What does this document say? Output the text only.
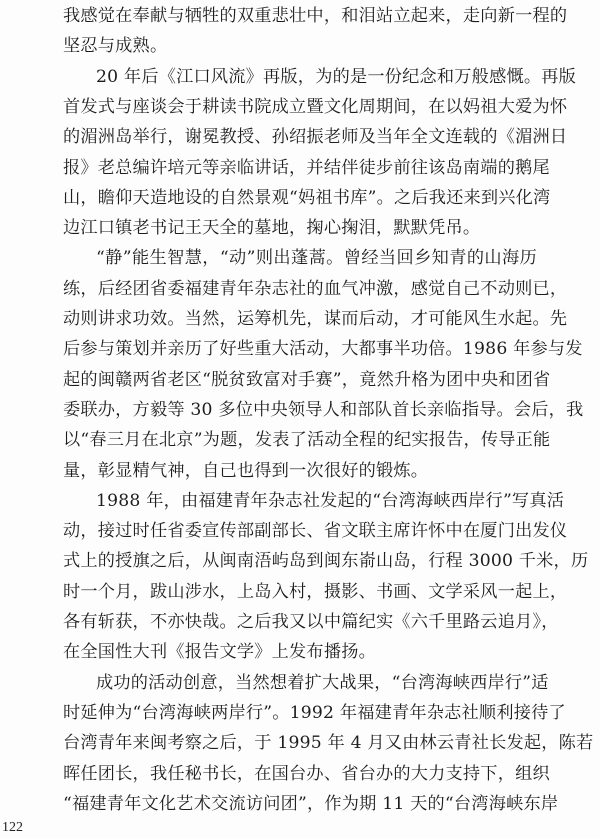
我感觉在奉献与牺牲的双重悲壮中，和泪站立起来，走向新一程的
坚忍与成熟。
20 年后《江口风流》再版，为的是一份纪念和万般感慨。再版
首发式与座谈会于耕读书院成立暨文化周期间，在以妈祖大爱为怀
的湄洲岛举行，谢冕教授、孙绍振老师及当年全文连载的《湄洲日
报》老总编许培元等亲临讲话，并结伴徒步前往该岛南端的鹅尾
山，瞻仰天造地设的自然景观“妈祖书库”。之后我还来到兴化湾
边江口镇老书记王天全的墓地，掬心掬泪，默默凭吊。
“静”能生智慧，“动”则出蓬蒿。曾经当回乡知青的山海历
练，后经团省委福建青年杂志社的血气冲激，感觉自己不动则已，
动则讲求功效。当然，运筹机先，谋而后动，才可能风生水起。先
后参与策划并亲历了好些重大活动，大都事半功倍。1986 年参与发
起的闽赣两省老区“脱贫致富对手赛”，竟然升格为团中央和团省
委联办，方毅等 30 多位中央领导人和部队首长亲临指导。会后，我
以“春三月在北京”为题，发表了活动全程的纪实报告，传导正能
量，彰显精气神，自己也得到一次很好的锻炼。
1988 年，由福建青年杂志社发起的“台湾海峡西岸行”写真活
动，接过时任省委宣传部副部长、省文联主席许怀中在厦门出发仪
式上的授旗之后，从闽南浯屿岛到闽东嵛山岛，行程 3000 千米，历
时一个月，跋山涉水，上岛入村，摄影、书画、文学采风一起上，
各有斩获，不亦快哉。之后我又以中篇纪实《六千里路云追月》，
在全国性大刊《报告文学》上发布播扬。
成功的活动创意，当然想着扩大战果，“台湾海峡西岸行”适
时延伸为“台湾海峡两岸行”。1992 年福建青年杂志社顺利接待了
台湾青年来闽考察之后，于 1995 年 4 月又由林云青社长发起，陈若
晖任团长，我任秘书长，在国台办、省台办的大力支持下，组织
“福建青年文化艺术交流访问团”，作为期 11 天的“台湾海峡东岸
122
